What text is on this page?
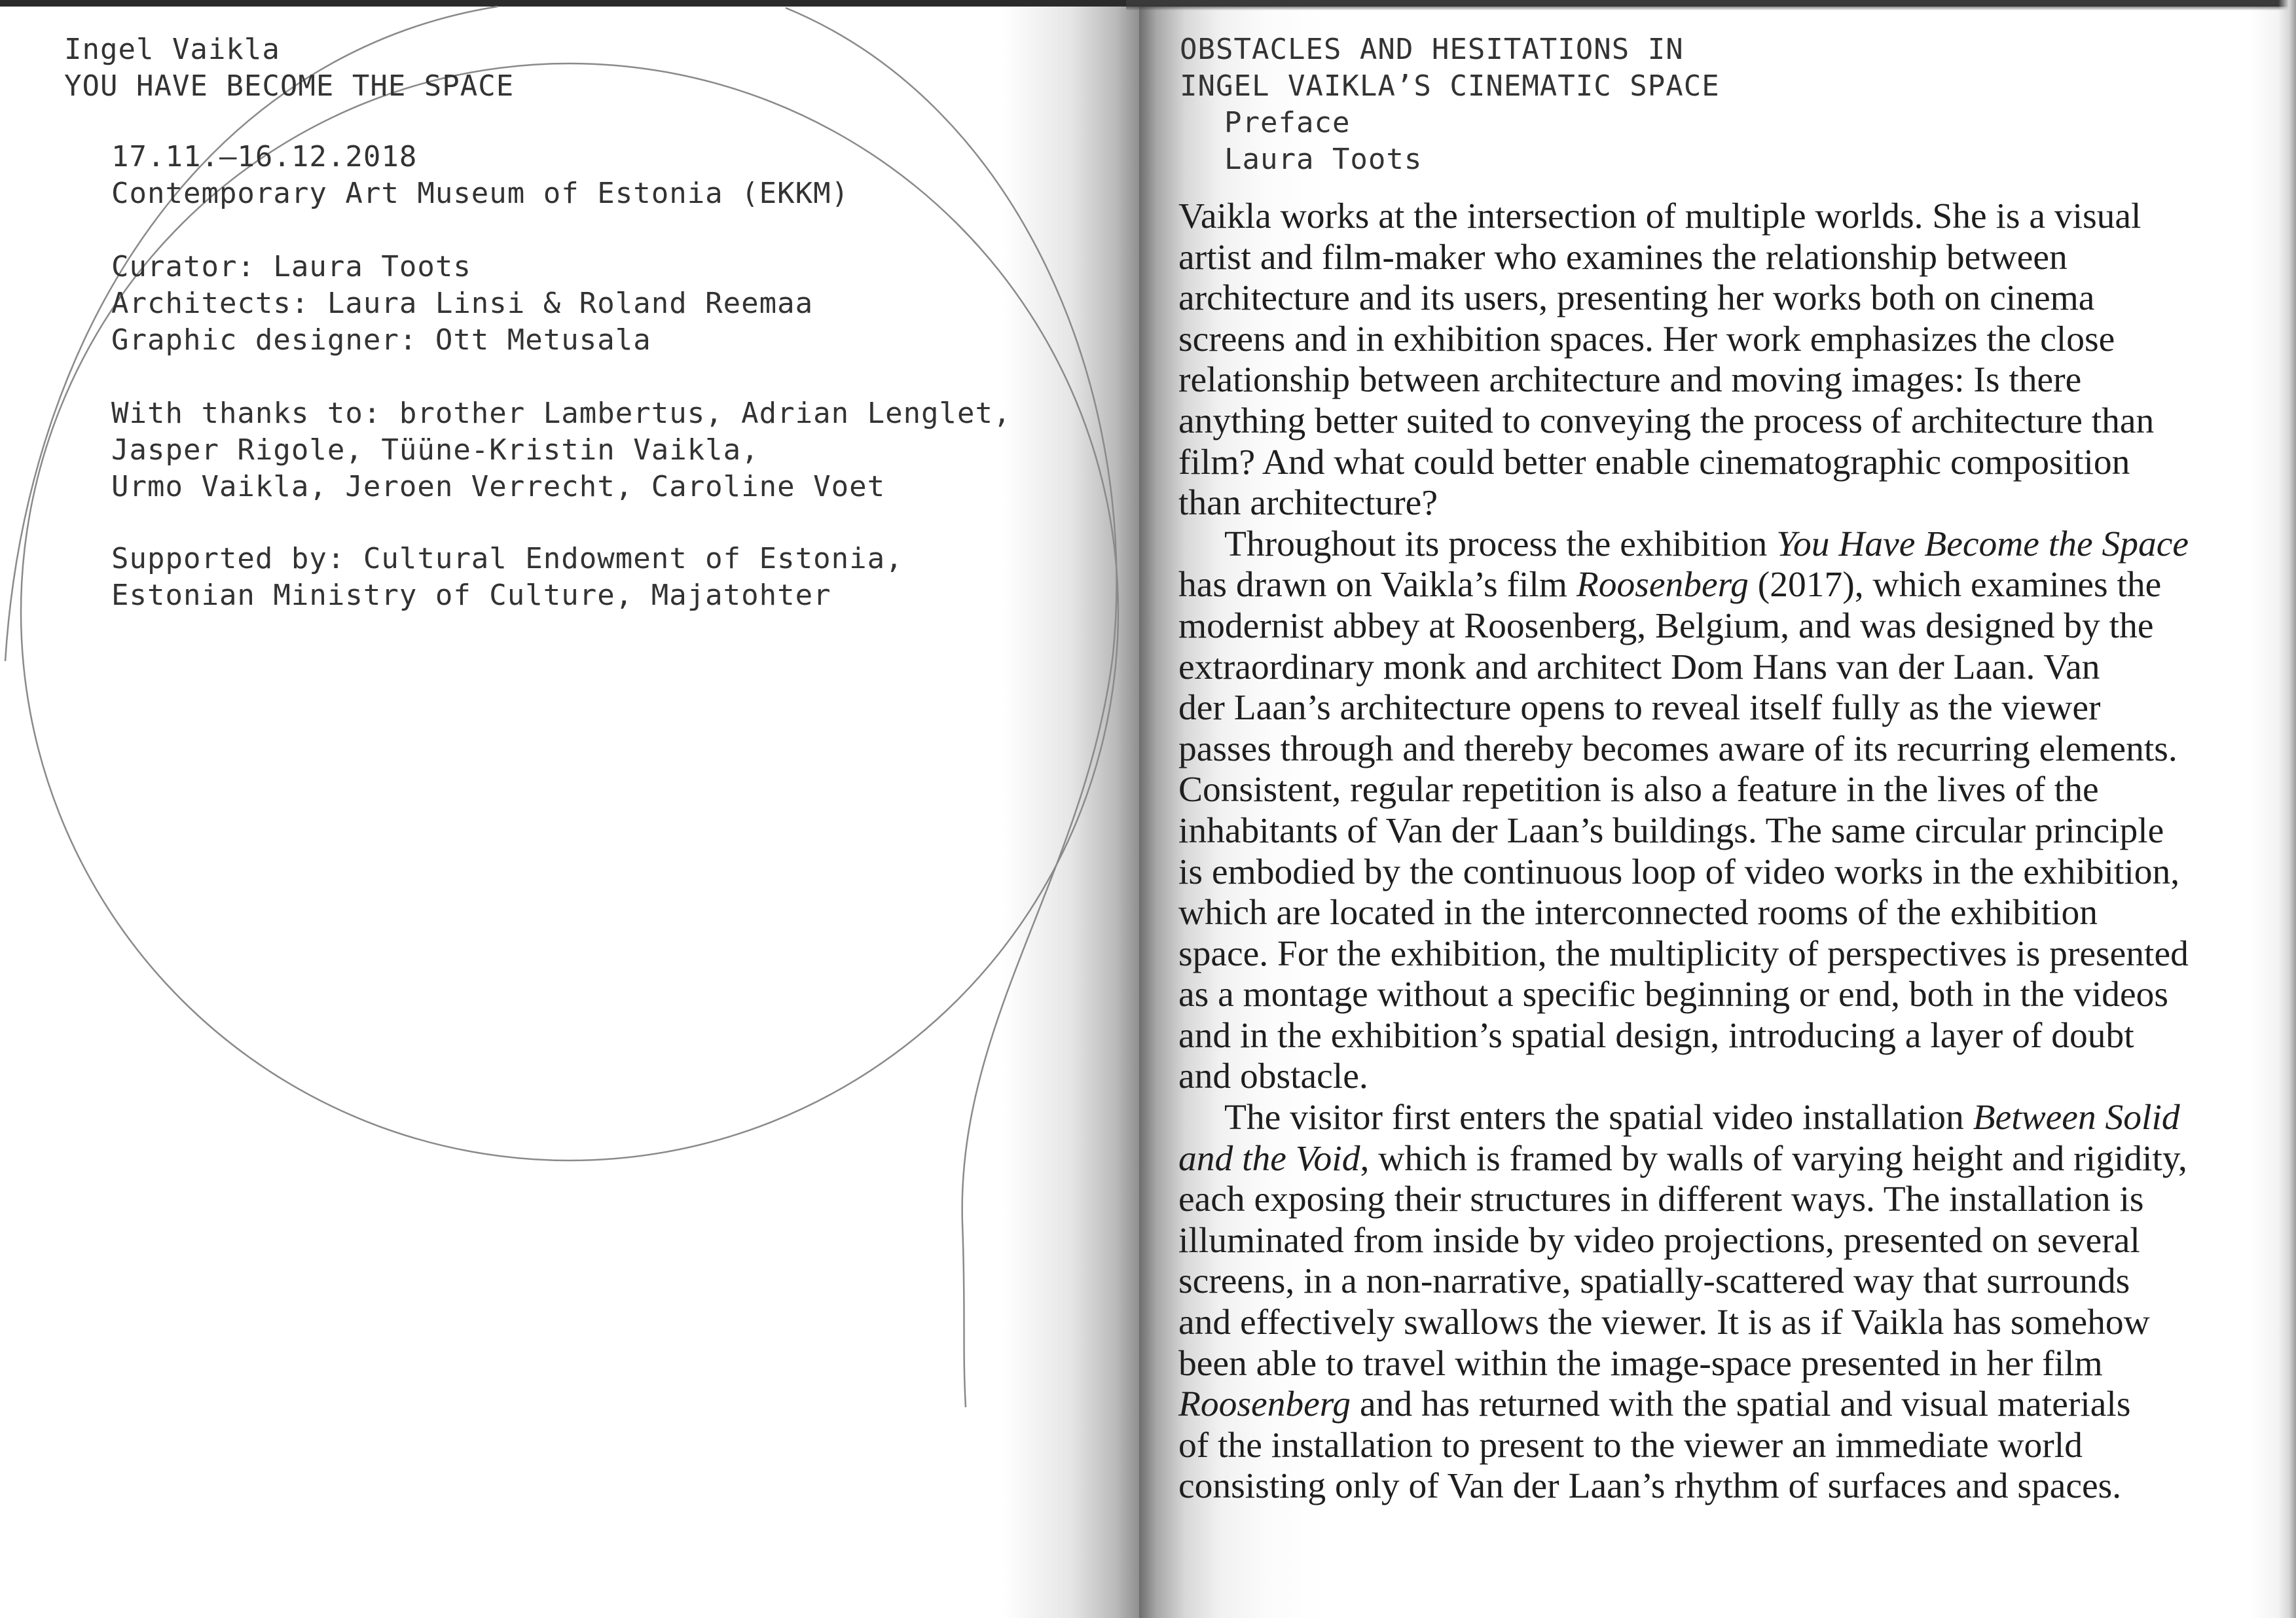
Ingel Vaikla
YOU HAVE BECOME THE SPACE
17.11.–16.12.2018
Contemporary Art Museum of Estonia (EKKM)
Curator: Laura Toots
Architects: Laura Linsi & Roland Reemaa
Graphic designer: Ott Metusala
With thanks to: brother Lambertus, Adrian Lenglet,
Jasper Rigole, Tüüne-Kristin Vaikla,
Urmo Vaikla, Jeroen Verrecht, Caroline Voet
Supported by: Cultural Endowment of Estonia,
Estonian Ministry of Culture, Majatohter
OBSTACLES AND HESITATIONS IN
INGEL VAIKLA’S CINEMATIC SPACE
Preface
Laura Toots

Vaikla works at the intersection of multiple worlds. She is a visual
artist and film-maker who examines the relationship between
architecture and its users, presenting her works both on cinema
screens and in exhibition spaces. Her work emphasizes the close
relationship between architecture and moving images: Is there
anything better suited to conveying the process of architecture than
film? And what could better enable cinematographic composition
than architecture?

Throughout its process the exhibition You Have Become the Space
has drawn on Vaikla’s film Roosenberg (2017), which examines the
modernist abbey at Roosenberg, Belgium, and was designed by the
extraordinary monk and architect Dom Hans van der Laan. Van
der Laan’s architecture opens to reveal itself fully as the viewer
passes through and thereby becomes aware of its recurring elements.
Consistent, regular repetition is also a feature in the lives of the
inhabitants of Van der Laan’s buildings. The same circular principle
is embodied by the continuous loop of video works in the exhibition,
which are located in the interconnected rooms of the exhibition
space. For the exhibition, the multiplicity of perspectives is presented
as a montage without a specific beginning or end, both in the videos
and in the exhibition’s spatial design, introducing a layer of doubt
and obstacle.

The visitor first enters the spatial video installation Between Solid
and the Void, which is framed by walls of varying height and rigidity,
each exposing their structures in different ways. The installation is
illuminated from inside by video projections, presented on several
screens, in a non-narrative, spatially-scattered way that surrounds
and effectively swallows the viewer. It is as if Vaikla has somehow
been able to travel within the image-space presented in her film
Roosenberg and has returned with the spatial and visual materials
of the installation to present to the viewer an immediate world
consisting only of Van der Laan’s rhythm of surfaces and spaces.
